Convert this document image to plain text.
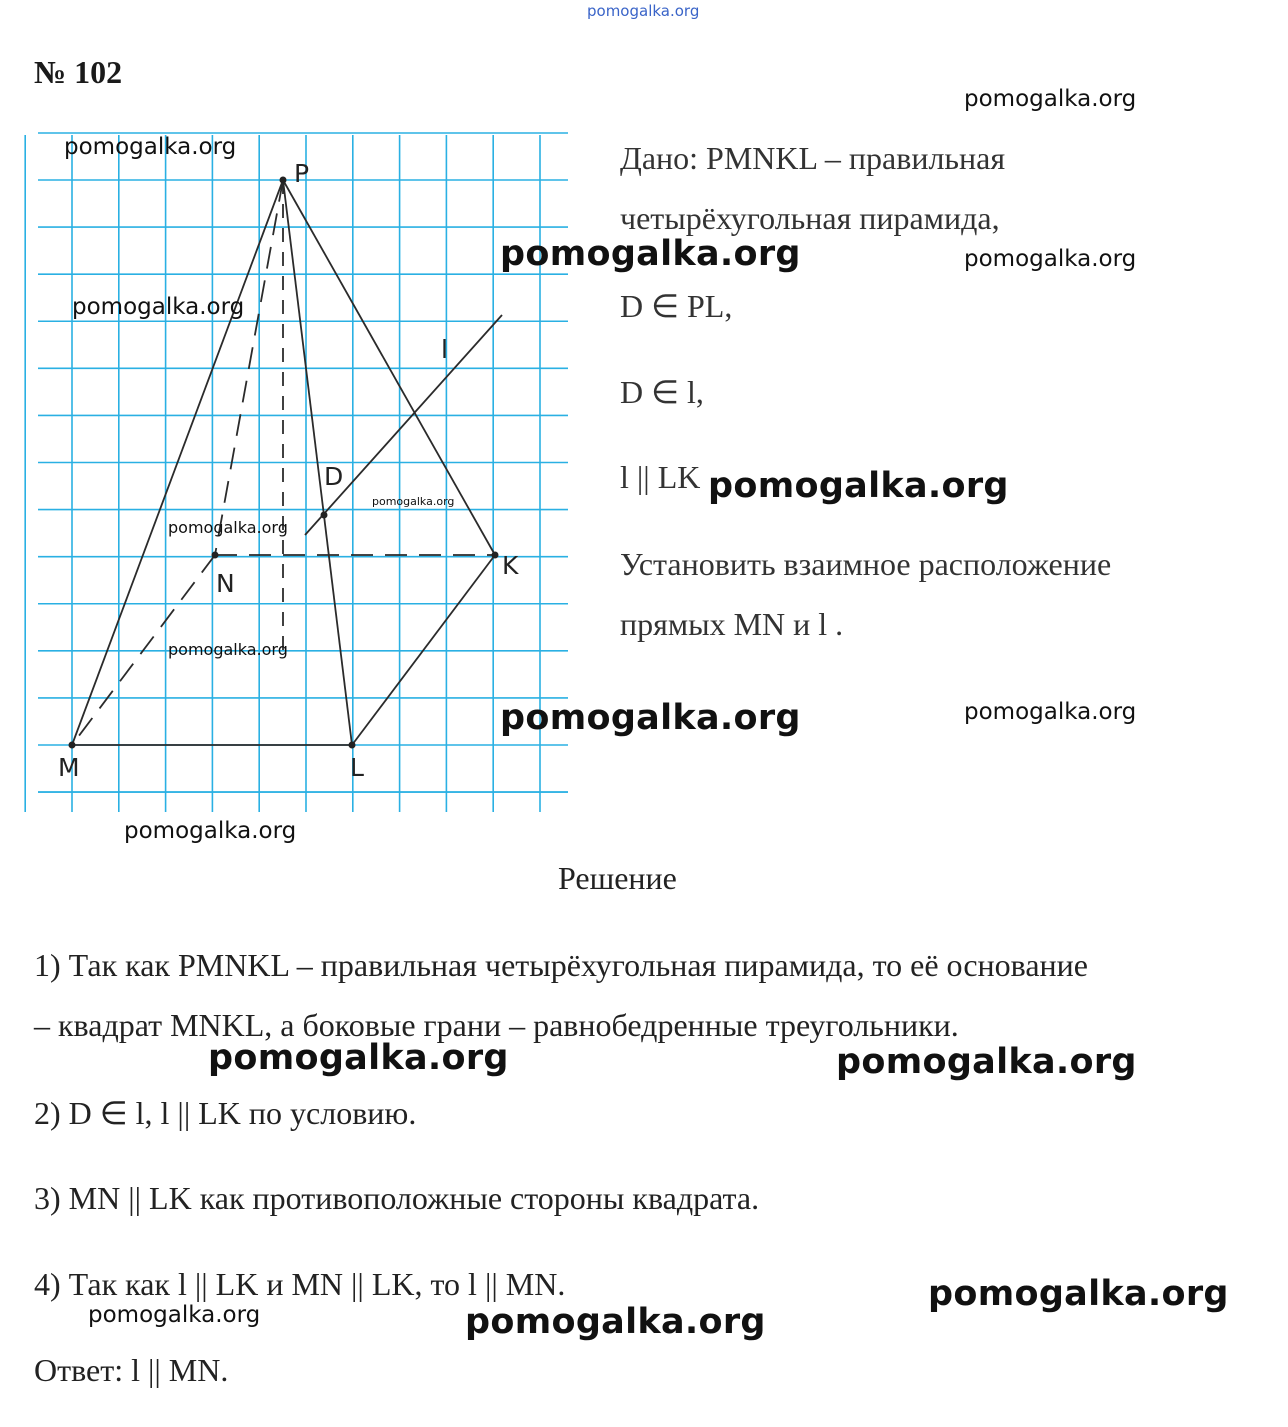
pomogalka.org
№ 102
P
M	L
K
N
D
l
Дано: PMNKL – правильная
четырёхугольная пирамида,
D ∈ PL,
D ∈ l,
l || LK
Установить взаимное расположение
прямых MN и l .
Решение
1) Так как PMNKL – правильная четырёхугольная пирамида, то её основание
– квадрат MNKL, а боковые грани – равнобедренные треугольники.
2) D ∈ l, l || LK по условию.
3) MN || LK как противоположные стороны квадрата.
4) Так как l || LK и MN || LK, то l || MN.
Ответ: l || MN.
pomogalka.org
pomogalka.org
pomogalka.org	pomogalka.org
pomogalka.org
pomogalka.org
pomogalka.org
pomogalka.org
pomogalka.org
pomogalka.org	pomogalka.org
pomogalka.org
pomogalka.org	pomogalka.org
pomogalka.org
pomogalka.org	pomogalka.org
